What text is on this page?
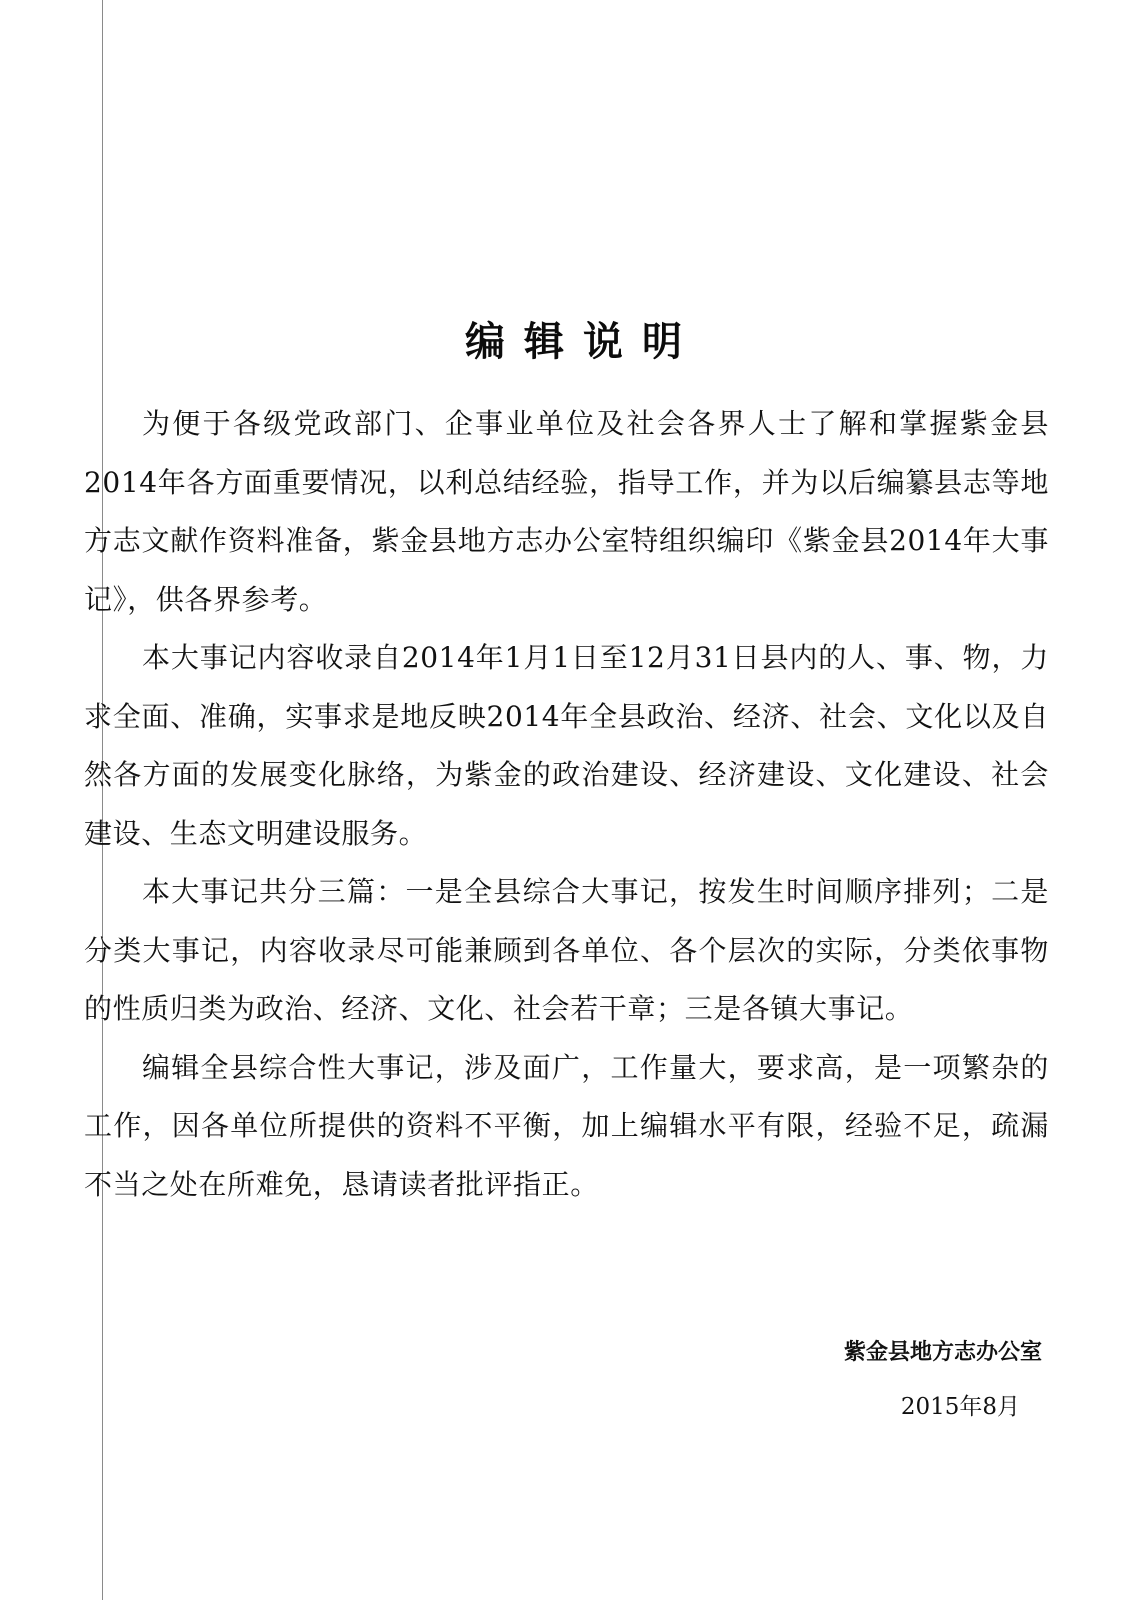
编辑说明

为便于各级党政部门、企事业单位及社会各界人士了解和掌握紫金县2014年各方面重要情况，以利总结经验，指导工作，并为以后编纂县志等地方志文献作资料准备，紫金县地方志办公室特组织编印《紫金县2014年大事记》，供各界参考。

本大事记内容收录自2014年1月1日至12月31日县内的人、事、物，力求全面、准确，实事求是地反映2014年全县政治、经济、社会、文化以及自然各方面的发展变化脉络，为紫金的政治建设、经济建设、文化建设、社会建设、生态文明建设服务。

本大事记共分三篇：一是全县综合大事记，按发生时间顺序排列；二是分类大事记，内容收录尽可能兼顾到各单位、各个层次的实际，分类依事物的性质归类为政治、经济、文化、社会若干章；三是各镇大事记。

编辑全县综合性大事记，涉及面广，工作量大，要求高，是一项繁杂的工作，因各单位所提供的资料不平衡，加上编辑水平有限，经验不足，疏漏不当之处在所难免，恳请读者批评指正。

紫金县地方志办公室
2015年8月
